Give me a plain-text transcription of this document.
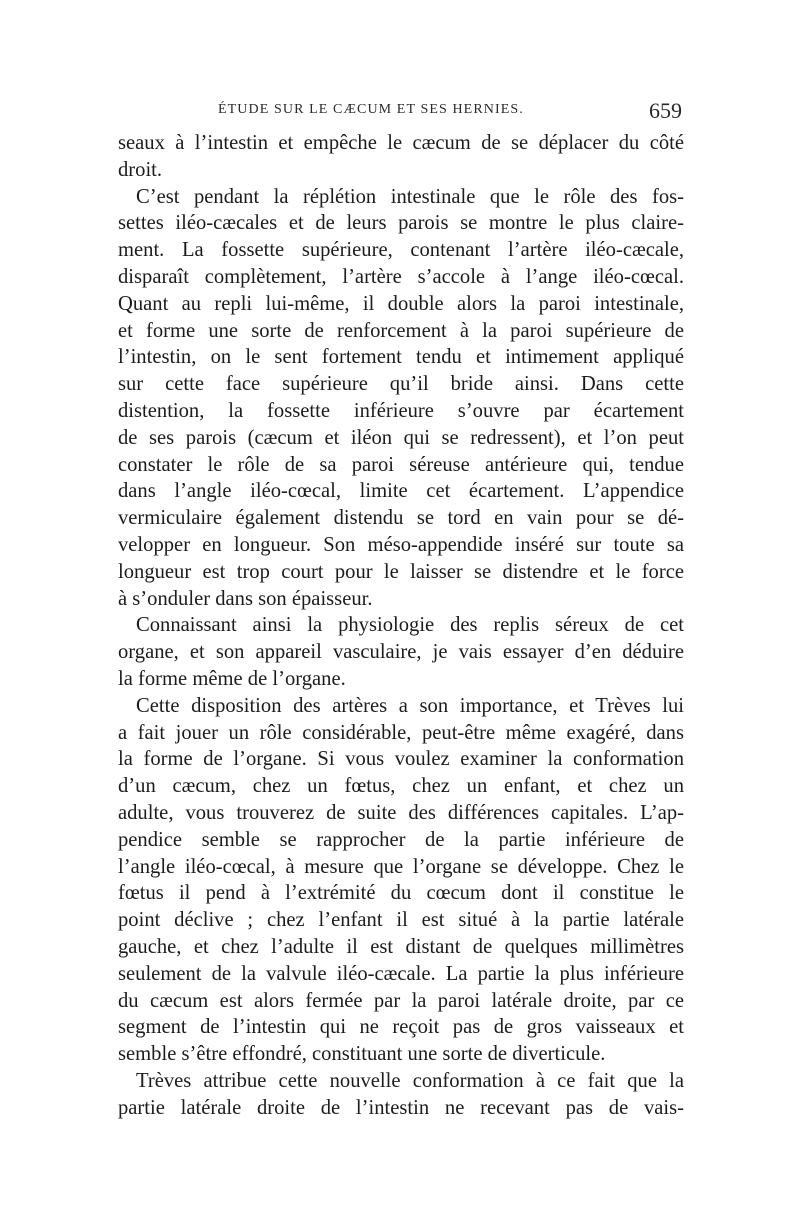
ÉTUDE SUR LE CÆCUM ET SES HERNIES.	659
seaux à l’intestin et empêche le cæcum de se déplacer du côté
droit.
C’est pendant la réplétion intestinale que le rôle des fos-
settes iléo-cæcales et de leurs parois se montre le plus claire-
ment. La fossette supérieure, contenant l’artère iléo-cæcale,
disparaît complètement, l’artère s’accole à l’ange iléo-cœcal.
Quant au repli lui-même, il double alors la paroi intestinale,
et forme une sorte de renforcement à la paroi supérieure de
l’intestin, on le sent fortement tendu et intimement appliqué
sur cette face supérieure qu’il bride ainsi. Dans cette
distention, la fossette inférieure s’ouvre par écartement
de ses parois (cæcum et iléon qui se redressent), et l’on peut
constater le rôle de sa paroi séreuse antérieure qui, tendue
dans l’angle iléo-cœcal, limite cet écartement. L’appendice
vermiculaire également distendu se tord en vain pour se dé-
velopper en longueur. Son méso-appendide inséré sur toute sa
longueur est trop court pour le laisser se distendre et le force
à s’onduler dans son épaisseur.
Connaissant ainsi la physiologie des replis séreux de cet
organe, et son appareil vasculaire, je vais essayer d’en déduire
la forme même de l’organe.
Cette disposition des artères a son importance, et Trèves lui
a fait jouer un rôle considérable, peut-être même exagéré, dans
la forme de l’organe. Si vous voulez examiner la conformation
d’un cæcum, chez un fœtus, chez un enfant, et chez un
adulte, vous trouverez de suite des différences capitales. L’ap-
pendice semble se rapprocher de la partie inférieure de
l’angle iléo-cœcal, à mesure que l’organe se développe. Chez le
fœtus il pend à l’extrémité du cœcum dont il constitue le
point déclive ; chez l’enfant il est situé à la partie latérale
gauche, et chez l’adulte il est distant de quelques millimètres
seulement de la valvule iléo-cæcale. La partie la plus inférieure
du cæcum est alors fermée par la paroi latérale droite, par ce
segment de l’intestin qui ne reçoit pas de gros vaisseaux et
semble s’être effondré, constituant une sorte de diverticule.
Trèves attribue cette nouvelle conformation à ce fait que la
partie latérale droite de l’intestin ne recevant pas de vais-
